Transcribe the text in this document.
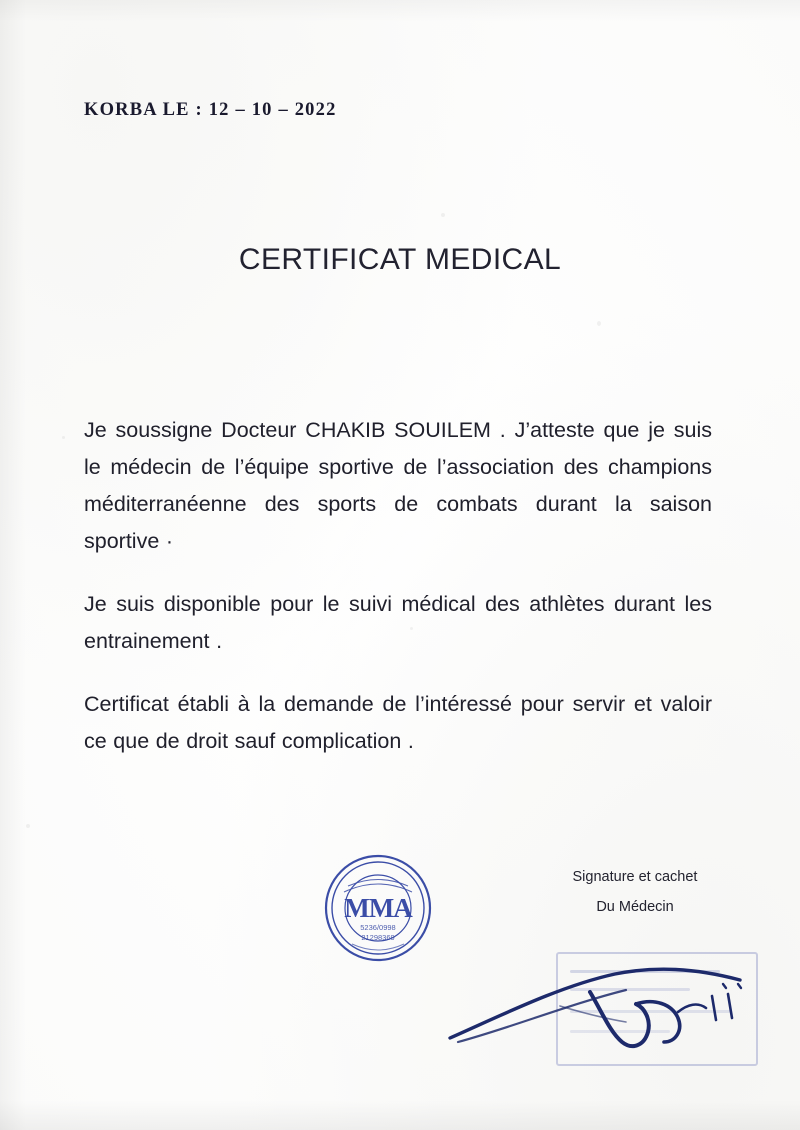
KORBA LE : 12 – 10 – 2022
CERTIFICAT MEDICAL

Je soussigne Docteur CHAKIB SOUILEM . J’atteste que je suis le médecin de l’équipe sportive de l’association des champions méditerranéenne des sports de combats durant la saison sportive ·

Je suis disponible pour le suivi médical des athlètes durant les entrainement .

Certificat établi à la demande de l’intéressé pour servir et valoir ce que de droit sauf complication .

Signature et cachet
Du Médecin
MMA
5236/0998
21298369
